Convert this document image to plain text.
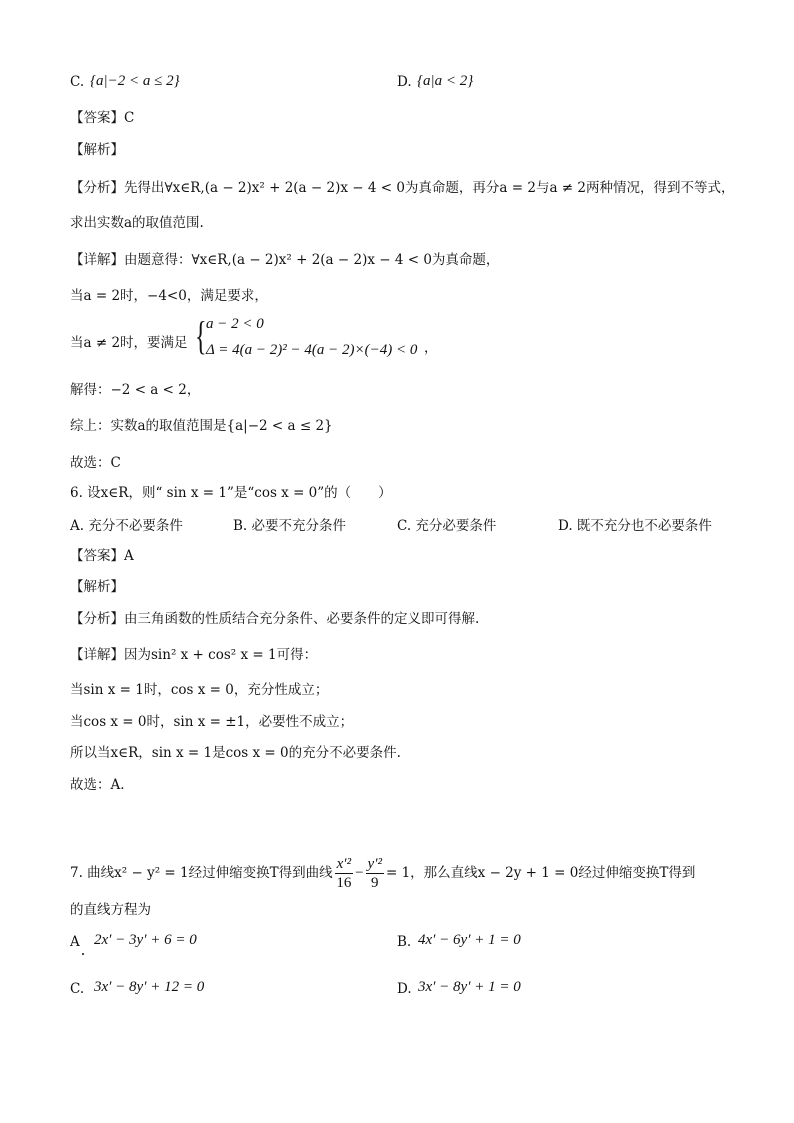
C. {a|−2 < a ≤ 2}	D. {a|a < 2}
【答案】C
【解析】
【分析】先得出∀x∈R,(a − 2)x² + 2(a − 2)x − 4 < 0为真命题，再分a = 2与a ≠ 2两种情况，得到不等式，
求出实数a的取值范围.
【详解】由题意得：∀x∈R,(a − 2)x² + 2(a − 2)x − 4 < 0为真命题，
当a = 2时，−4<0，满足要求，
当a ≠ 2时，要满足 { a − 2 < 0
Δ = 4(a − 2)² − 4(a − 2)×(−4) < 0 ，
解得：−2 < a < 2，
综上：实数a的取值范围是{a|−2 < a ≤ 2}
故选：C
6. 设x∈R，则“ sin x = 1”是“cos x = 0”的（　　）
A. 充分不必要条件	B. 必要不充分条件	C. 充分必要条件	D. 既不充分也不必要条件
【答案】A
【解析】
【分析】由三角函数的性质结合充分条件、必要条件的定义即可得解.
【详解】因为sin² x + cos² x = 1可得：
当sin x = 1时，cos x = 0，充分性成立；
当cos x = 0时，sin x = ±1，必要性不成立；
所以当x∈R，sin x = 1是cos x = 0的充分不必要条件.
故选：A.
7. 曲线x² − y² = 1经过伸缩变换T得到曲线 $\frac{\text{x′²}}{16} - \frac{\text{y′²}}{9} = 1$，那么直线x − 2y + 1 = 0经过伸缩变换T得到
的直线方程为
A 2x′ − 3y′ + 6 = 0	B. 4x′ − 6y′ + 1 = 0
C. 3x′ − 8y′ + 12 = 0	D. 3x′ − 8y′ + 1 = 0
